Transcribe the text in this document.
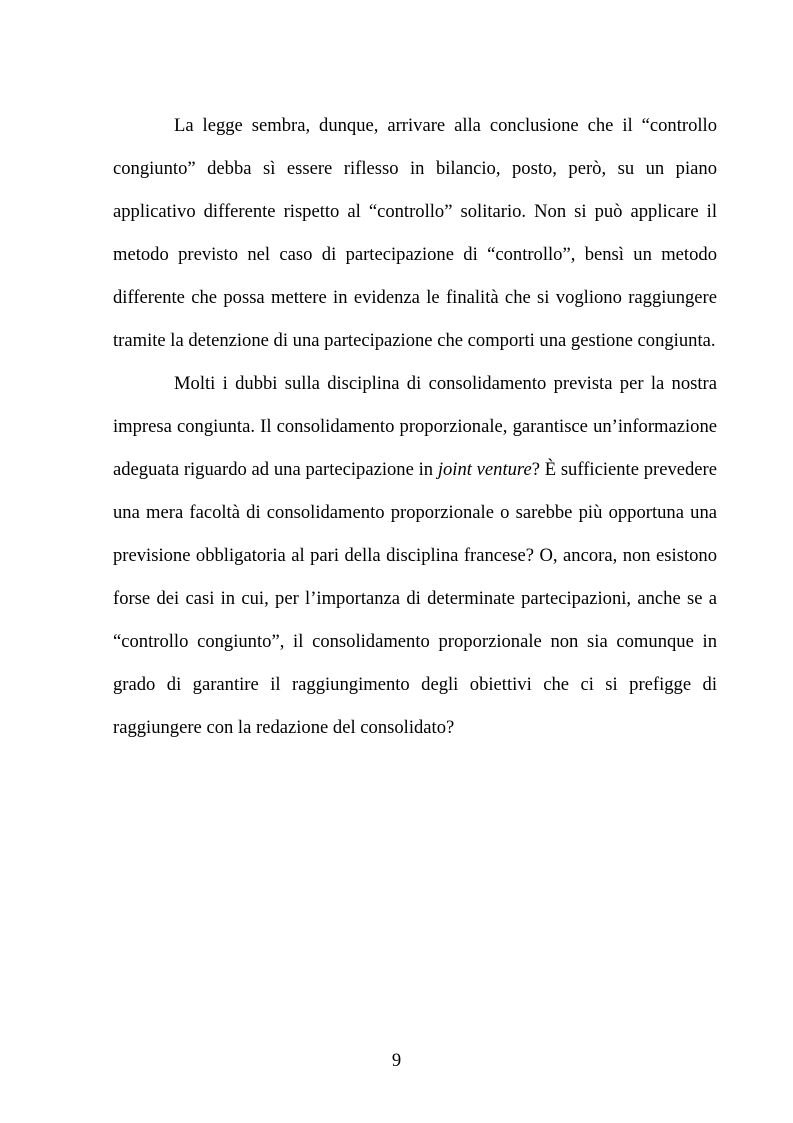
La legge sembra, dunque, arrivare alla conclusione che il “controllo congiunto” debba sì essere riflesso in bilancio, posto, però, su un piano applicativo differente rispetto al “controllo” solitario. Non si può applicare il metodo previsto nel caso di partecipazione di “controllo”, bensì un metodo differente che possa mettere in evidenza le finalità che si vogliono raggiungere tramite la detenzione di una partecipazione che comporti una gestione congiunta.

Molti i dubbi sulla disciplina di consolidamento prevista per la nostra impresa congiunta. Il consolidamento proporzionale, garantisce un’informazione adeguata riguardo ad una partecipazione in joint venture? È sufficiente prevedere una mera facoltà di consolidamento proporzionale o sarebbe più opportuna una previsione obbligatoria al pari della disciplina francese? O, ancora, non esistono forse dei casi in cui, per l’importanza di determinate partecipazioni, anche se a “controllo congiunto”, il consolidamento proporzionale non sia comunque in grado di garantire il raggiungimento degli obiettivi che ci si prefigge di raggiungere con la redazione del consolidato?

9
